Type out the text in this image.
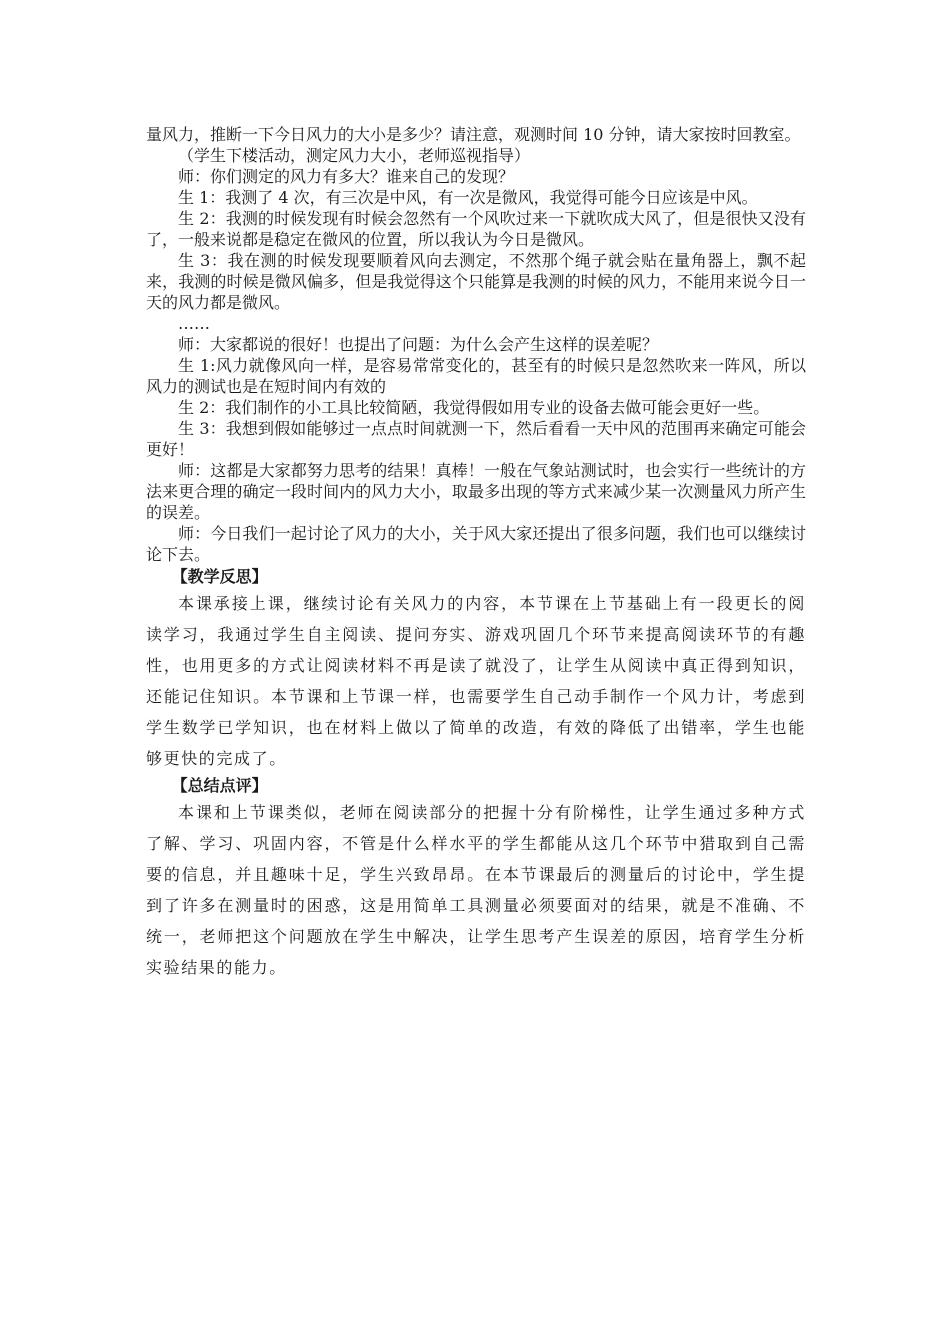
量风力，推断一下今日风力的大小是多少？请注意，观测时间 10 分钟，请大家按时回教室。

（学生下楼活动，测定风力大小，老师巡视指导）

师：你们测定的风力有多大？谁来自己的发现？

生 1：我测了 4 次，有三次是中风，有一次是微风，我觉得可能今日应该是中风。

生 2：我测的时候发现有时候会忽然有一个风吹过来一下就吹成大风了，但是很快又没有了，一般来说都是稳定在微风的位置，所以我认为今日是微风。

生 3：我在测的时候发现要顺着风向去测定，不然那个绳子就会贴在量角器上，飘不起来，我测的时候是微风偏多，但是我觉得这个只能算是我测的时候的风力，不能用来说今日一天的风力都是微风。

……

师：大家都说的很好！也提出了问题：为什么会产生这样的误差呢？

生 1:风力就像风向一样，是容易常常变化的，甚至有的时候只是忽然吹来一阵风，所以风力的测试也是在短时间内有效的

生 2：我们制作的小工具比较简陋，我觉得假如用专业的设备去做可能会更好一些。

生 3：我想到假如能够过一点点时间就测一下，然后看看一天中风的范围再来确定可能会更好！

师：这都是大家都努力思考的结果！真棒！一般在气象站测试时，也会实行一些统计的方法来更合理的确定一段时间内的风力大小，取最多出现的等方式来减少某一次测量风力所产生的误差。

师：今日我们一起讨论了风力的大小，关于风大家还提出了很多问题，我们也可以继续讨论下去。

【教学反思】

本课承接上课，继续讨论有关风力的内容，本节课在上节基础上有一段更长的阅读学习，我通过学生自主阅读、提问夯实、游戏巩固几个环节来提高阅读环节的有趣性，也用更多的方式让阅读材料不再是读了就没了，让学生从阅读中真正得到知识，还能记住知识。本节课和上节课一样，也需要学生自己动手制作一个风力计，考虑到学生数学已学知识，也在材料上做以了简单的改造，有效的降低了出错率，学生也能够更快的完成了。

【总结点评】

本课和上节课类似，老师在阅读部分的把握十分有阶梯性，让学生通过多种方式了解、学习、巩固内容，不管是什么样水平的学生都能从这几个环节中猎取到自己需要的信息，并且趣味十足，学生兴致昂昂。在本节课最后的测量后的讨论中，学生提到了许多在测量时的困惑，这是用简单工具测量必须要面对的结果，就是不准确、不统一，老师把这个问题放在学生中解决，让学生思考产生误差的原因，培育学生分析实验结果的能力。
